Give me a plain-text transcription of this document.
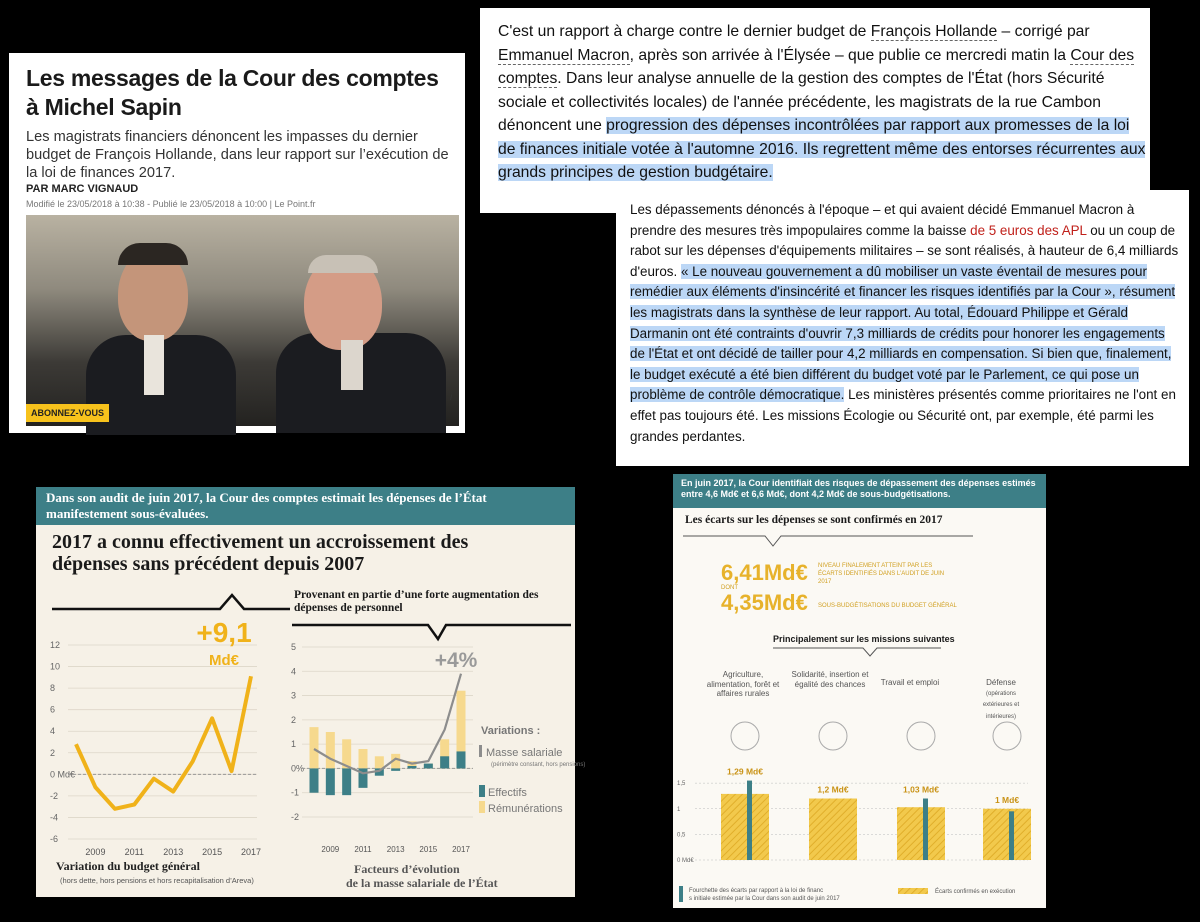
Les messages de la Cour des comptes à Michel Sapin
Les magistrats financiers dénoncent les impasses du dernier budget de François Hollande, dans leur rapport sur l’exécution de la loi de finances 2017.
PAR MARC VIGNAUD
Modifié le 23/05/2018 à 10:38 - Publié le 23/05/2018 à 10:00 | Le Point.fr
ABONNEZ-VOUS
i

C'est un rapport à charge contre le dernier budget de François Hollande – corrigé par Emmanuel Macron, après son arrivée à l'Élysée – que publie ce mercredi matin la Cour des comptes. Dans leur analyse annuelle de la gestion des comptes de l'État (hors Sécurité sociale et collectivités locales) de l'année précédente, les magistrats de la rue Cambon dénoncent une progression des dépenses incontrôlées par rapport aux promesses de la loi de finances initiale votée à l'automne 2016. Ils regrettent même des entorses récurrentes aux grands principes de gestion budgétaire.

Les dépassements dénoncés à l'époque – et qui avaient décidé Emmanuel Macron à prendre des mesures très impopulaires comme la baisse de 5 euros des APL ou un coup de rabot sur les dépenses d'équipements militaires – se sont réalisés, à hauteur de 6,4 milliards d'euros. « Le nouveau gouvernement a dû mobiliser un vaste éventail de mesures pour remédier aux éléments d'insincérité et financer les risques identifiés par la Cour », résument les magistrats dans la synthèse de leur rapport. Au total, Édouard Philippe et Gérald Darmanin ont été contraints d'ouvrir 7,3 milliards de crédits pour honorer les engagements de l'État et ont décidé de tailler pour 4,2 milliards en compensation. Si bien que, finalement, le budget exécuté a été bien différent du budget voté par le Parlement, ce qui pose un problème de contrôle démocratique. Les ministères présentés comme prioritaires ne l'ont en effet pas toujours été. Les missions Écologie ou Sécurité ont, par exemple, été parmi les grandes perdantes.

Dans son audit de juin 2017, la Cour des comptes estimait les dépenses de l’État manifestement sous-évaluées.
2017 a connu effectivement un accroissement des dépenses sans précédent depuis 2007
Provenant en partie d’une forte augmentation des dépenses de personnel
12
10
8
6
4
2
0 Md€
-2
-4
-6
2009 2011 2013 2015 2017
+9,1
Md€
Variation du budget général
(hors dette, hors pensions et hors recapitalisation d’Areva)
5
4
3
2
1
0%
-1
-2
2009 2011 2013 2015 2017
+4%
Variations :
Masse salariale
(périmètre constant, hors pensions)
Effectifs
Rémunérations
Facteurs d’évolution
de la masse salariale de l’État
En juin 2017, la Cour identifiait des risques de dépassement des dépenses estimés entre 4,6 Md€ et 6,6 Md€, dont 4,2 Md€ de sous-budgétisations.
Les écarts sur les dépenses se sont confirmés en 2017
6,41Md€ NIVEAU FINALEMENT ATTEINT PAR LES ÉCARTS IDENTIFIÉS DANS L’AUDIT DE JUIN 2017
DONT
4,35Md€ SOUS-BUDGÉTISATIONS DU BUDGET GÉNÉRAL
Principalement sur les missions suivantes
Agriculture, alimentation, forêt et affaires rurales
Solidarité, insertion et égalité des chances	Travail et emploi	Défense
(opérations extérieures et intérieures)
1,5
1
0,5
0 Md€
1,29 Md€
1,2 Md€	1,03 Md€
1 Md€
Fourchette des écarts par rapport à la loi de financ
s initiale estimée par la Cour dans son audit de juin 2017
Écarts confirmés en exécution
